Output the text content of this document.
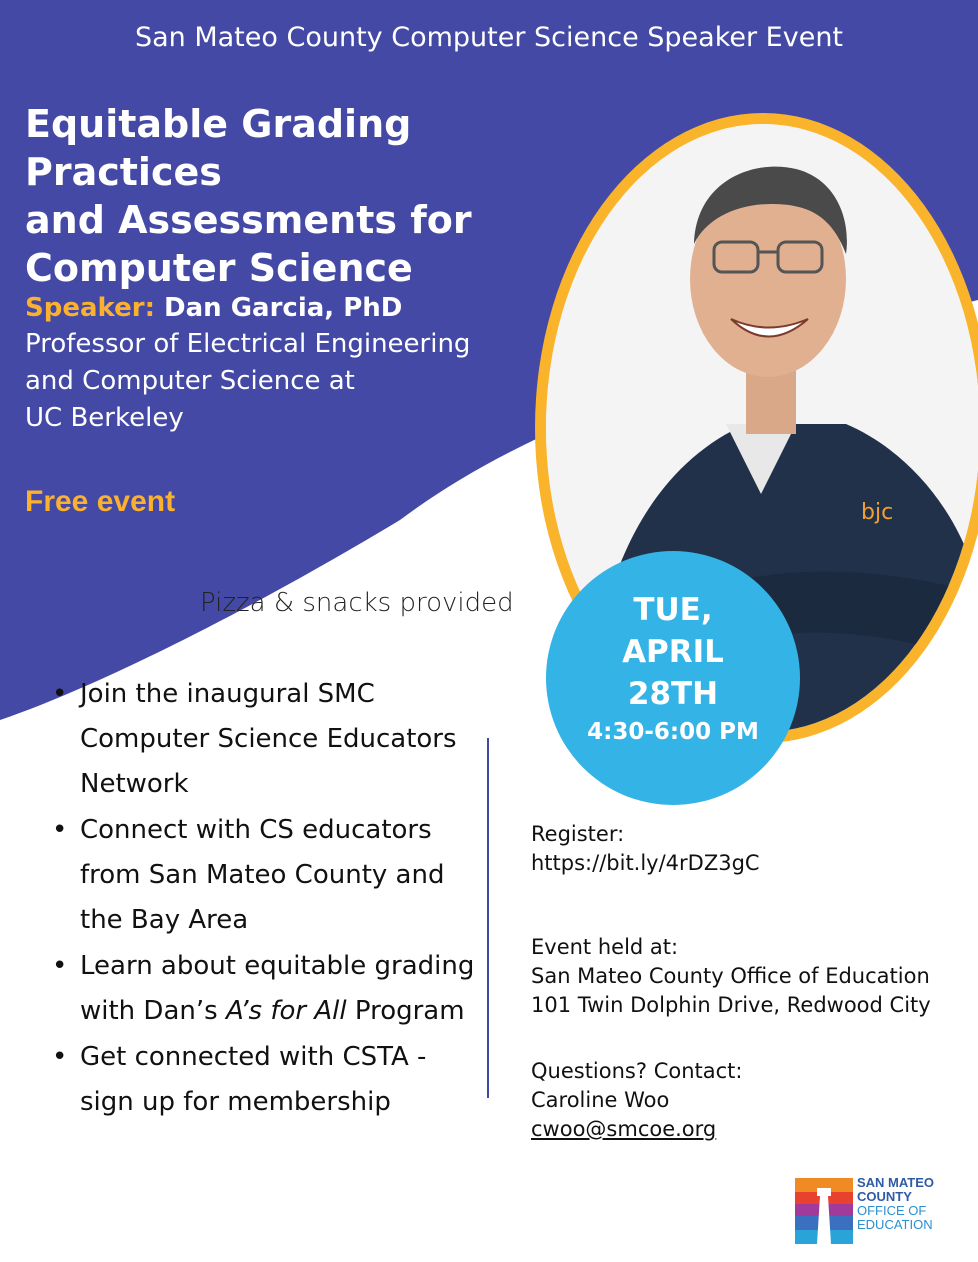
San Mateo County Computer Science Speaker Event
Equitable Grading Practices
and Assessments for
Computer Science
Speaker: Dan Garcia, PhD
Professor of Electrical Engineering
and Computer Science at
UC Berkeley
Free event
Pizza & snacks provided
bjc
TUE,
APRIL
28TH
4:30-6:00 PM
• Join the inaugural SMC
Computer Science Educators
Network
• Connect with CS educators
from San Mateo County and
the Bay Area
• Learn about equitable grading
with Dan’s A’s for All Program
• Get connected with CSTA -
sign up for membership
Register:
https://bit.ly/4rDZ3gC
Event held at:
San Mateo County Office of Education
101 Twin Dolphin Drive, Redwood City
Questions? Contact:
Caroline Woo
cwoo@smcoe.org
SAN MATEO
COUNTY
OFFICE OF
EDUCATION
